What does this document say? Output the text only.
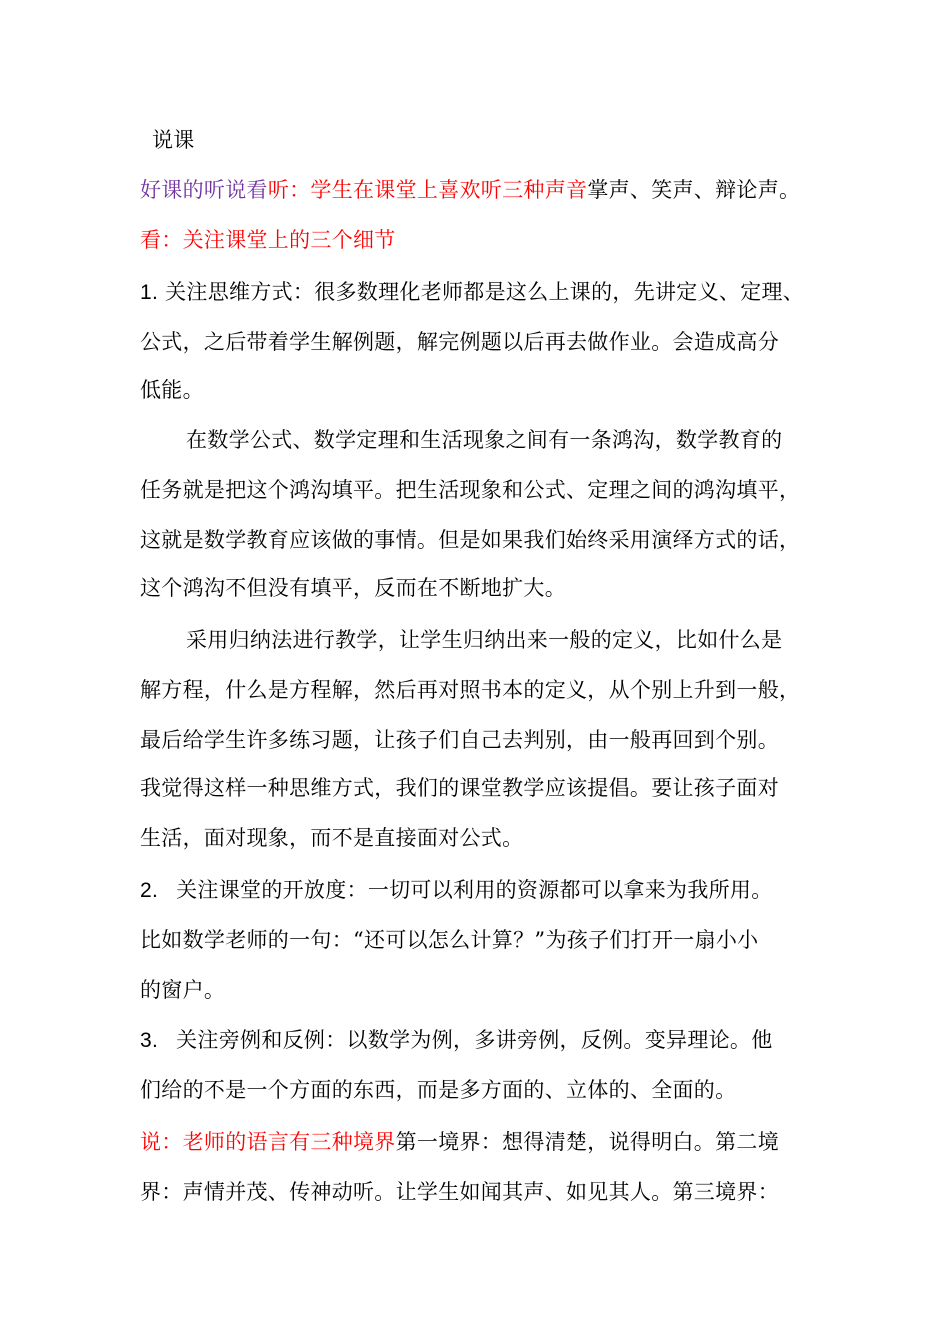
说课
好课的听说看听：学生在课堂上喜欢听三种声音掌声、笑声、辩论声。
看：关注课堂上的三个细节
1. 关注思维方式：很多数理化老师都是这么上课的，先讲定义、定理、
公式，之后带着学生解例题，解完例题以后再去做作业。会造成高分
低能。
在数学公式、数学定理和生活现象之间有一条鸿沟，数学教育的
任务就是把这个鸿沟填平。把生活现象和公式、定理之间的鸿沟填平，
这就是数学教育应该做的事情。但是如果我们始终采用演绎方式的话，
这个鸿沟不但没有填平，反而在不断地扩大。
采用归纳法进行教学，让学生归纳出来一般的定义，比如什么是
解方程，什么是方程解，然后再对照书本的定义，从个别上升到一般，
最后给学生许多练习题，让孩子们自己去判别，由一般再回到个别。
我觉得这样一种思维方式，我们的课堂教学应该提倡。要让孩子面对
生活，面对现象，而不是直接面对公式。
2. 关注课堂的开放度：一切可以利用的资源都可以拿来为我所用。
比如数学老师的一句：“还可以怎么计算？”为孩子们打开一扇小小
的窗户。
3. 关注旁例和反例：以数学为例，多讲旁例，反例。变异理论。他
们给的不是一个方面的东西，而是多方面的、立体的、全面的。
说：老师的语言有三种境界第一境界：想得清楚，说得明白。第二境
界：声情并茂、传神动听。让学生如闻其声、如见其人。第三境界：
